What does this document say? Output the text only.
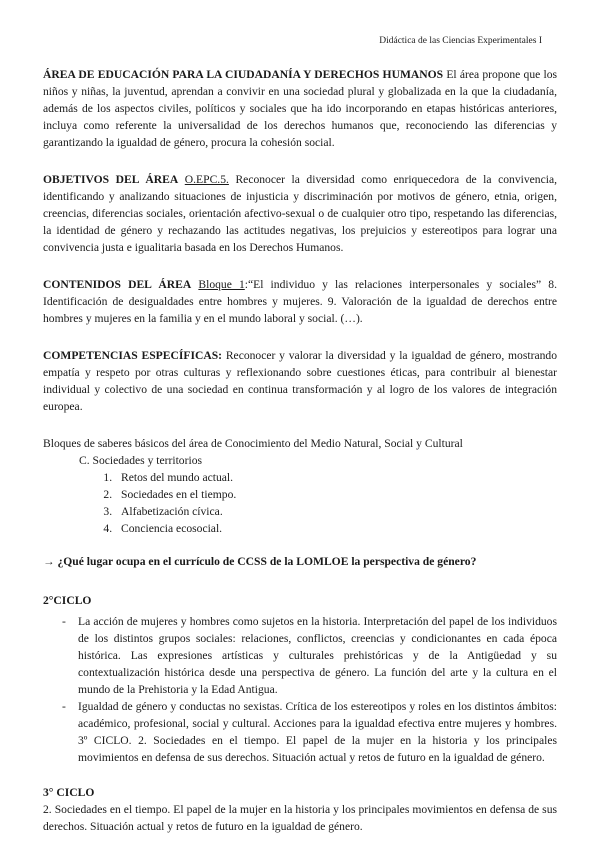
Didáctica de las Ciencias Experimentales I

ÁREA DE EDUCACIÓN PARA LA CIUDADANÍA Y DERECHOS HUMANOS El área propone que los niños y niñas, la juventud, aprendan a convivir en una sociedad plural y globalizada en la que la ciudadanía, además de los aspectos civiles, políticos y sociales que ha ido incorporando en etapas históricas anteriores, incluya como referente la universalidad de los derechos humanos que, reconociendo las diferencias y garantizando la igualdad de género, procura la cohesión social.

OBJETIVOS DEL ÁREA O.EPC.5. Reconocer la diversidad como enriquecedora de la convivencia, identificando y analizando situaciones de injusticia y discriminación por motivos de género, etnia, origen, creencias, diferencias sociales, orientación afectivo-sexual o de cualquier otro tipo, respetando las diferencias, la identidad de género y rechazando las actitudes negativas, los prejuicios y estereotipos para lograr una convivencia justa e igualitaria basada en los Derechos Humanos.

CONTENIDOS DEL ÁREA Bloque 1:“El individuo y las relaciones interpersonales y sociales” 8. Identificación de desigualdades entre hombres y mujeres. 9. Valoración de la igualdad de derechos entre hombres y mujeres en la familia y en el mundo laboral y social. (…).

COMPETENCIAS ESPECÍFICAS: Reconocer y valorar la diversidad y la igualdad de género, mostrando empatía y respeto por otras culturas y reflexionando sobre cuestiones éticas, para contribuir al bienestar individual y colectivo de una sociedad en continua transformación y al logro de los valores de integración europea.

Bloques de saberes básicos del área de Conocimiento del Medio Natural, Social y Cultural
C. Sociedades y territorios
1. Retos del mundo actual.
2. Sociedades en el tiempo.
3. Alfabetización cívica.
4. Conciencia ecosocial.
→ ¿Qué lugar ocupa en el currículo de CCSS de la LOMLOE la perspectiva de género?
2°CICLO
- La acción de mujeres y hombres como sujetos en la historia. Interpretación del papel de los individuos de los distintos grupos sociales: relaciones, conflictos, creencias y condicionantes en cada época histórica. Las expresiones artísticas y culturales prehistóricas y de la Antigüedad y su contextualización histórica desde una perspectiva de género. La función del arte y la cultura en el mundo de la Prehistoria y la Edad Antigua.
- Igualdad de género y conductas no sexistas. Crítica de los estereotipos y roles en los distintos ámbitos: académico, profesional, social y cultural. Acciones para la igualdad efectiva entre mujeres y hombres. 3º CICLO. 2. Sociedades en el tiempo. El papel de la mujer en la historia y los principales movimientos en defensa de sus derechos. Situación actual y retos de futuro en la igualdad de género.
3° CICLO

2. Sociedades en el tiempo. El papel de la mujer en la historia y los principales movimientos en defensa de sus derechos. Situación actual y retos de futuro en la igualdad de género.
